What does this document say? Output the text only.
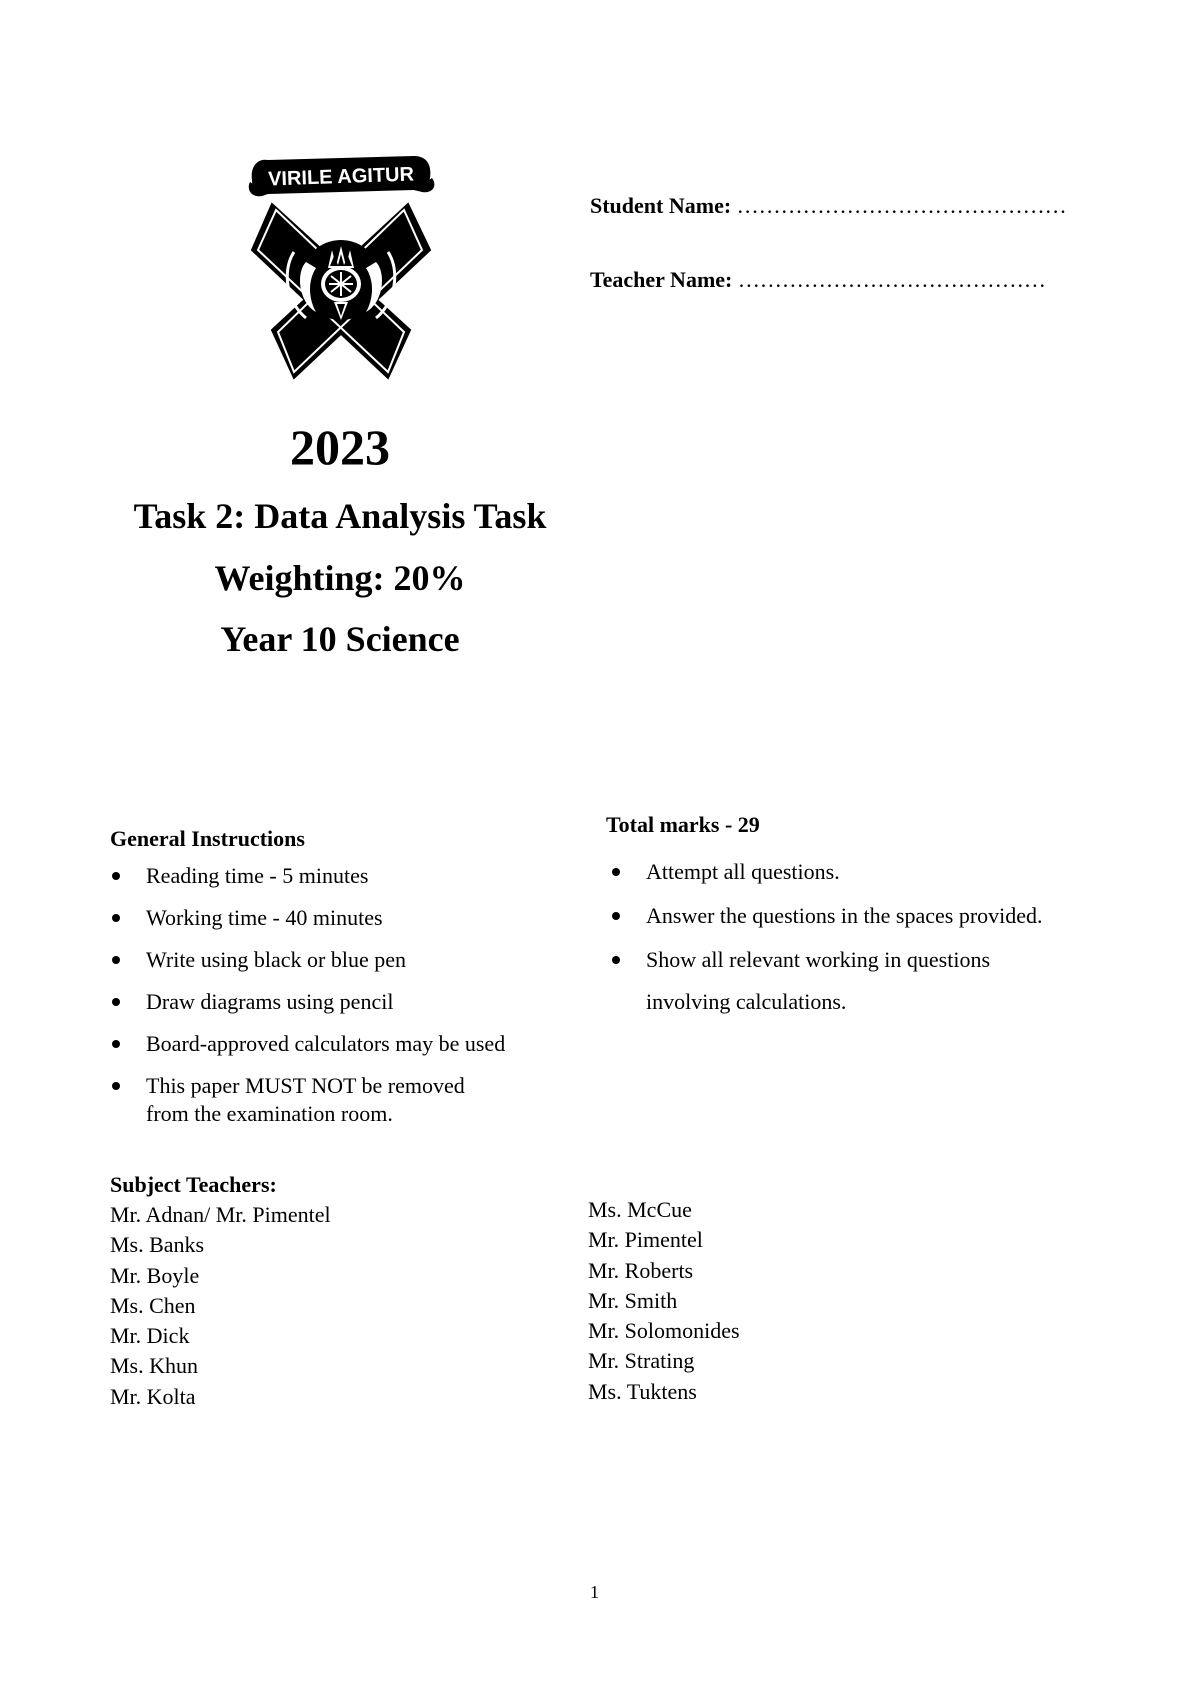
VIRILE AGITUR
Student Name: ………………………………………
Teacher Name: ……………………………………
2023
Task 2: Data Analysis Task
Weighting: 20%
Year 10 Science
General Instructions
Reading time - 5 minutes
Working time - 40 minutes
Write using black or blue pen
Draw diagrams using pencil
Board-approved calculators may be used
This paper MUST NOT be removed
from the examination room.
Total marks - 29
Attempt all questions.
Answer the questions in the spaces provided.
Show all relevant working in questions
involving calculations.
Subject Teachers:
Mr. Adnan/ Mr. Pimentel
Ms. Banks
Mr. Boyle
Ms. Chen
Mr. Dick
Ms. Khun
Mr. Kolta
Ms. McCue
Mr. Pimentel
Mr. Roberts
Mr. Smith
Mr. Solomonides
Mr. Strating
Ms. Tuktens
1
